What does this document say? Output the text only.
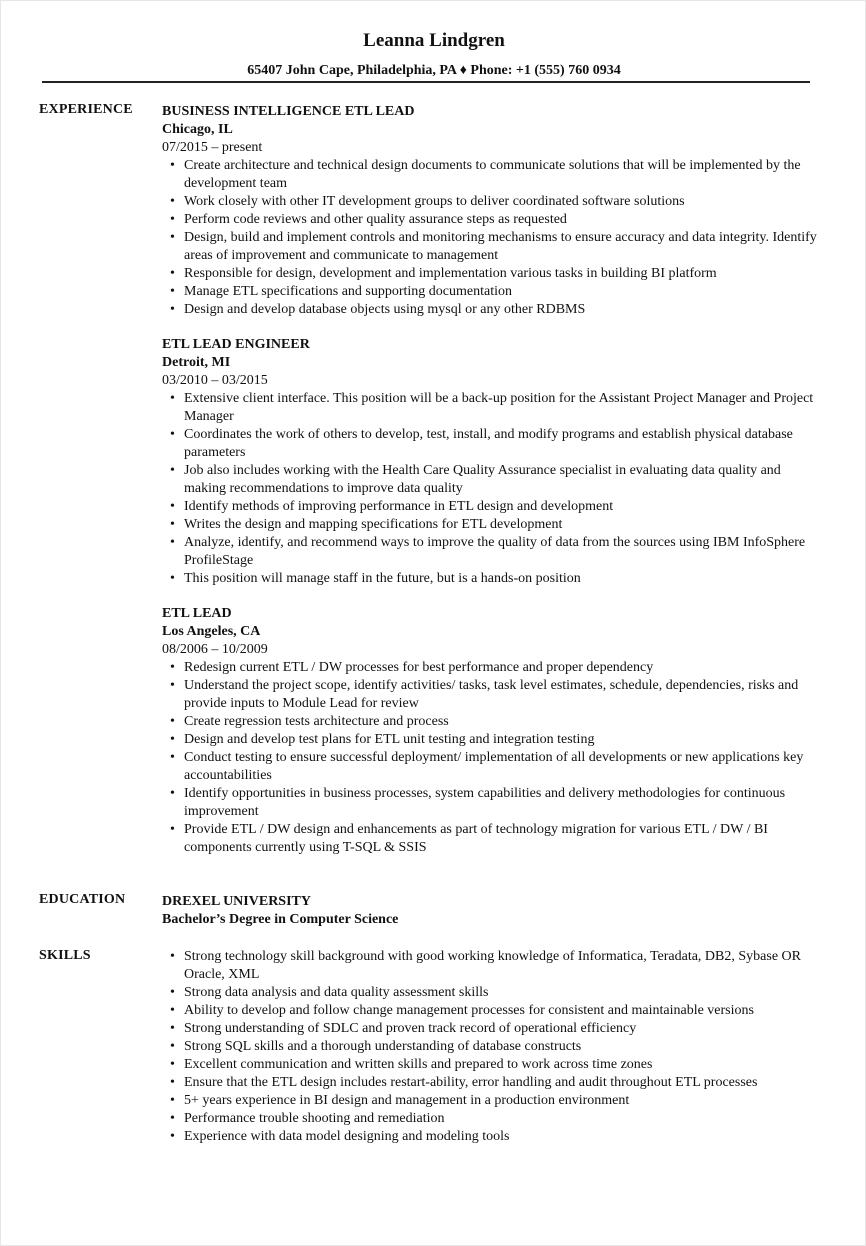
Leanna Lindgren
65407 John Cape, Philadelphia, PA ♦ Phone: +1 (555) 760 0934
EXPERIENCE BUSINESS INTELLIGENCE ETL LEAD
Chicago, IL
07/2015 – present
• Create architecture and technical design documents to communicate solutions that will be implemented by the development team
• Work closely with other IT development groups to deliver coordinated software solutions
• Perform code reviews and other quality assurance steps as requested
• Design, build and implement controls and monitoring mechanisms to ensure accuracy and data integrity. Identify areas of improvement and communicate to management
• Responsible for design, development and implementation various tasks in building BI platform
• Manage ETL specifications and supporting documentation
• Design and develop database objects using mysql or any other RDBMS
ETL LEAD ENGINEER
Detroit, MI
03/2010 – 03/2015
• Extensive client interface. This position will be a back-up position for the Assistant Project Manager and Project Manager
• Coordinates the work of others to develop, test, install, and modify programs and establish physical database parameters
• Job also includes working with the Health Care Quality Assurance specialist in evaluating data quality and making recommendations to improve data quality
• Identify methods of improving performance in ETL design and development
• Writes the design and mapping specifications for ETL development
• Analyze, identify, and recommend ways to improve the quality of data from the sources using IBM InfoSphere ProfileStage
• This position will manage staff in the future, but is a hands-on position
ETL LEAD
Los Angeles, CA
08/2006 – 10/2009
• Redesign current ETL / DW processes for best performance and proper dependency
• Understand the project scope, identify activities/ tasks, task level estimates, schedule, dependencies, risks and provide inputs to Module Lead for review
• Create regression tests architecture and process
• Design and develop test plans for ETL unit testing and integration testing
• Conduct testing to ensure successful deployment/ implementation of all developments or new applications key accountabilities
• Identify opportunities in business processes, system capabilities and delivery methodologies for continuous improvement
• Provide ETL / DW design and enhancements as part of technology migration for various ETL / DW / BI components currently using T-SQL & SSIS
EDUCATION	DREXEL UNIVERSITY
Bachelor’s Degree in Computer Science
SKILLS
•	Strong technology skill background with good working knowledge of Informatica, Teradata, DB2, Sybase OR Oracle, XML
• Strong data analysis and data quality assessment skills
• Ability to develop and follow change management processes for consistent and maintainable versions
• Strong understanding of SDLC and proven track record of operational efficiency
• Strong SQL skills and a thorough understanding of database constructs
• Excellent communication and written skills and prepared to work across time zones
• Ensure that the ETL design includes restart-ability, error handling and audit throughout ETL processes
• 5+ years experience in BI design and management in a production environment
• Performance trouble shooting and remediation
• Experience with data model designing and modeling tools
